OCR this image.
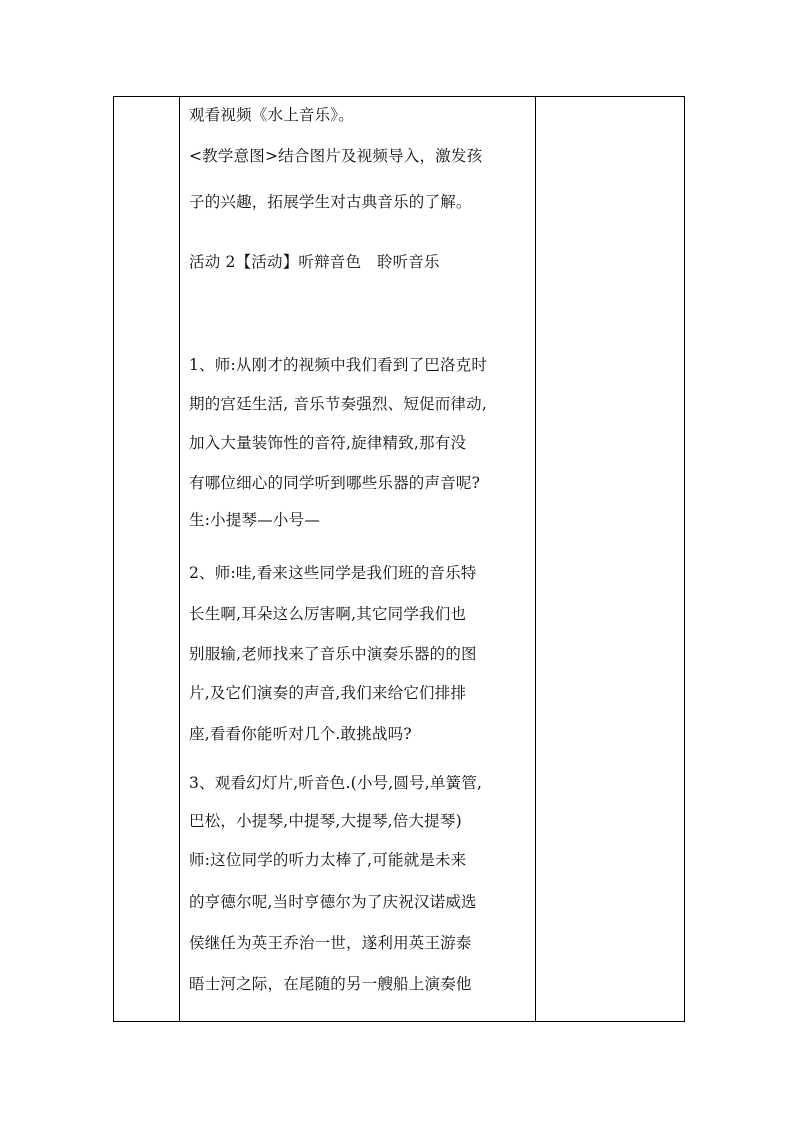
观看视频《水上音乐》。
<教学意图>结合图片及视频导入，激发孩
子的兴趣，拓展学生对古典音乐的了解。
活动 2【活动】听辩音色　聆听音乐
1、师:从刚才的视频中我们看到了巴洛克时
期的宫廷生活, 音乐节奏强烈、短促而律动,
加入大量装饰性的音符,旋律精致,那有没
有哪位细心的同学听到哪些乐器的声音呢?
生:小提琴—小号—
2、师:哇,看来这些同学是我们班的音乐特
长生啊,耳朵这么厉害啊,其它同学我们也
别服输,老师找来了音乐中演奏乐器的的图
片,及它们演奏的声音,我们来给它们排排
座,看看你能听对几个.敢挑战吗?
3、观看幻灯片,听音色.(小号,圆号,单簧管,
巴松，小提琴,中提琴,大提琴,倍大提琴)
师:这位同学的听力太棒了,可能就是未来
的亨德尔呢,当时亨德尔为了庆祝汉诺威选
侯继任为英王乔治一世，遂利用英王游泰
晤士河之际，在尾随的另一艘船上演奏他
